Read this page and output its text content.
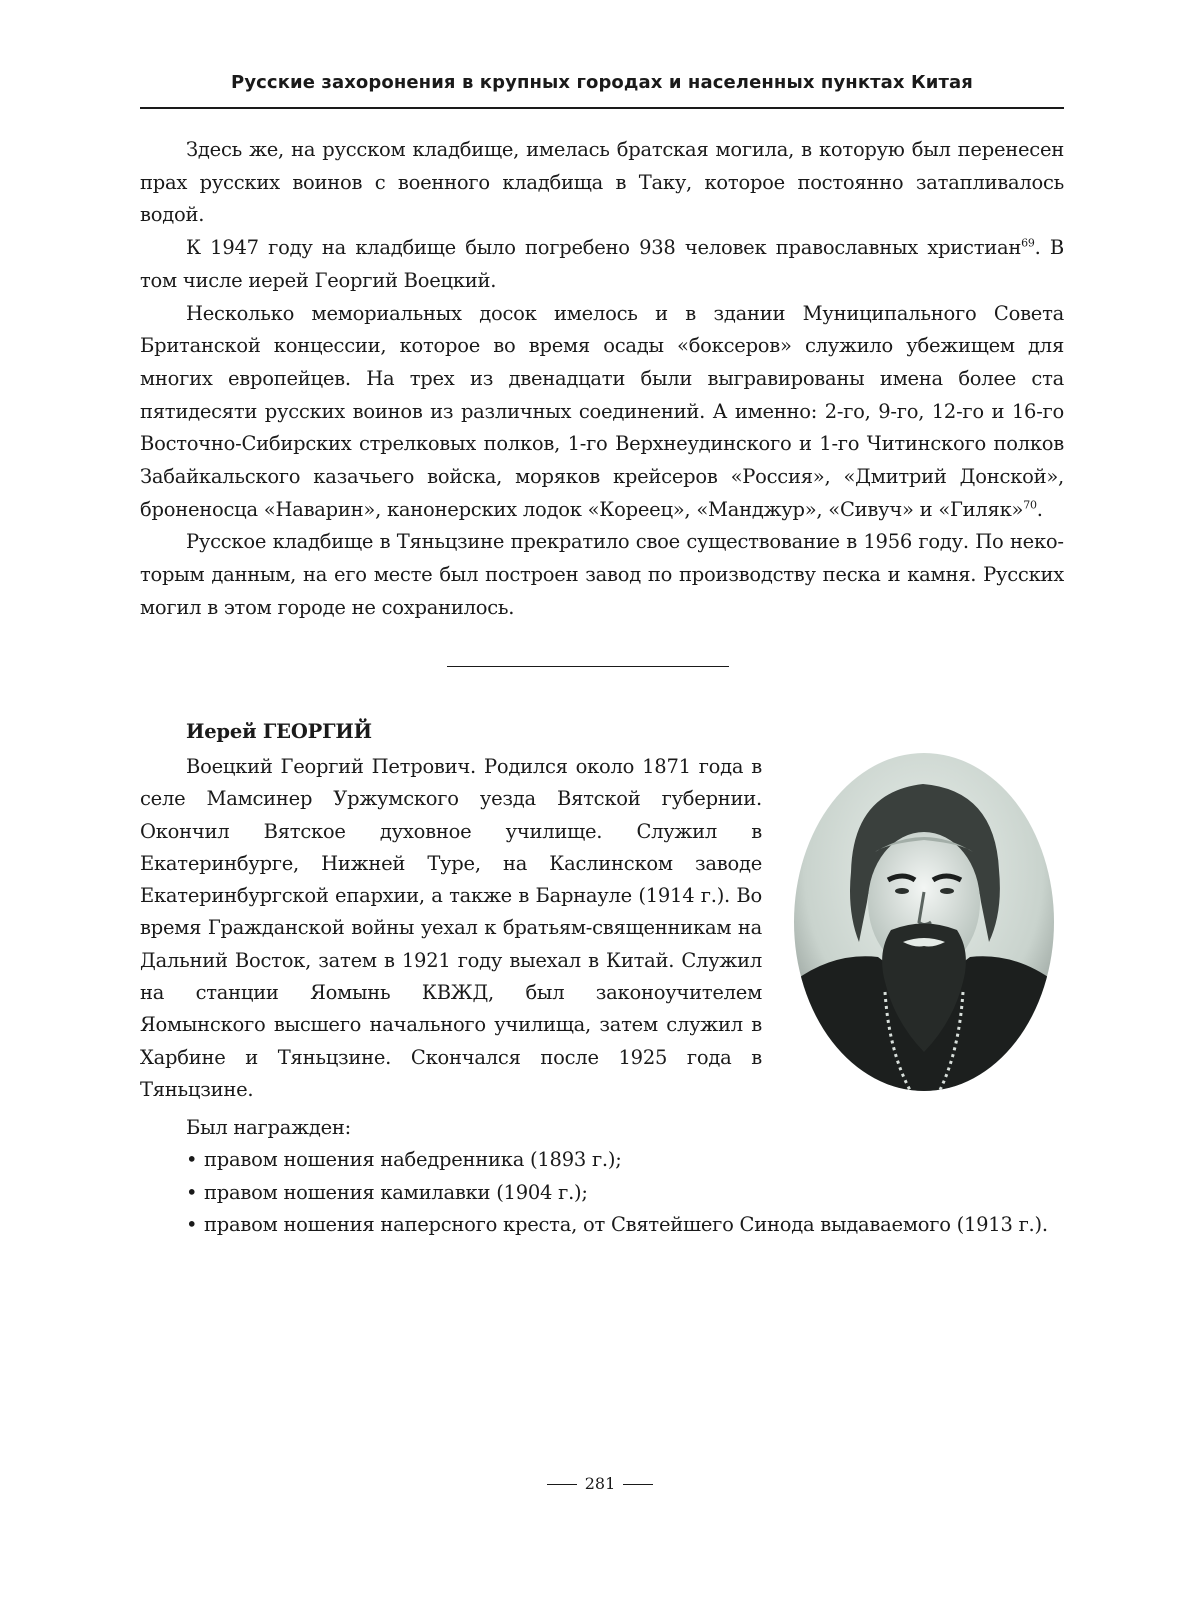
Русские захоронения в крупных городах и населенных пунктах Китая

Здесь же, на русском кладбище, имелась братская могила, в которую был перенесен прах русских воинов с военного кладбища в Таку, которое постоянно затапливалось водой.

К 1947 году на кладбище было погребено 938 человек православных христиан$^{69}$. В том числе иерей Георгий Воецкий.

Несколько мемориальных досок имелось и в здании Муниципального Совета Британской концессии, которое во время осады «боксеров» служило убежищем для многих европейцев. На трех из двенадцати были выгравированы имена более ста пятидесяти русских воинов из различных соединений. А именно: 2-го, 9-го, 12-го и 16-го Восточно-Сибирских стрелковых полков, 1-го Верхнеудинского и 1-го Читинского полков Забайкальского казачьего войска, моряков крейсеров «Россия», «Дмитрий Донской», броненосца «Наварин», канонерских лодок «Кореец», «Манджур», «Сивуч» и «Гиляк»$^{70}$.

Русское кладбище в Тяньцзине прекратило свое существование в 1956 году. По некоторым данным, на его месте был построен завод по производству песка и камня. Русских могил в этом городе не сохранилось.

Иерей ГЕОРГИЙ

Воецкий Георгий Петрович. Родился около 1871 года в селе Мамсинер Уржумского уезда Вятской губернии. Окончил Вятское духовное училище. Служил в Екатеринбурге, Нижней Туре, на Каслинском заводе Екатеринбургской епархии, а также в Барнауле (1914 г.). Во время Гражданской войны уехал к братьям-священникам на Дальний Восток, затем в 1921 году выехал в Китай. Служил на станции Яомынь КВЖД, был законоучителем Яомынского высшего начального училища, затем служил в Харбине и Тяньцзине. Скончался после 1925 года в Тяньцзине.

Был награжден:

• правом ношения набедренника (1893 г.);
• правом ношения камилавки (1904 г.);
• правом ношения наперсного креста, от Святейшего Синода выдаваемого (1913 г.).
281
